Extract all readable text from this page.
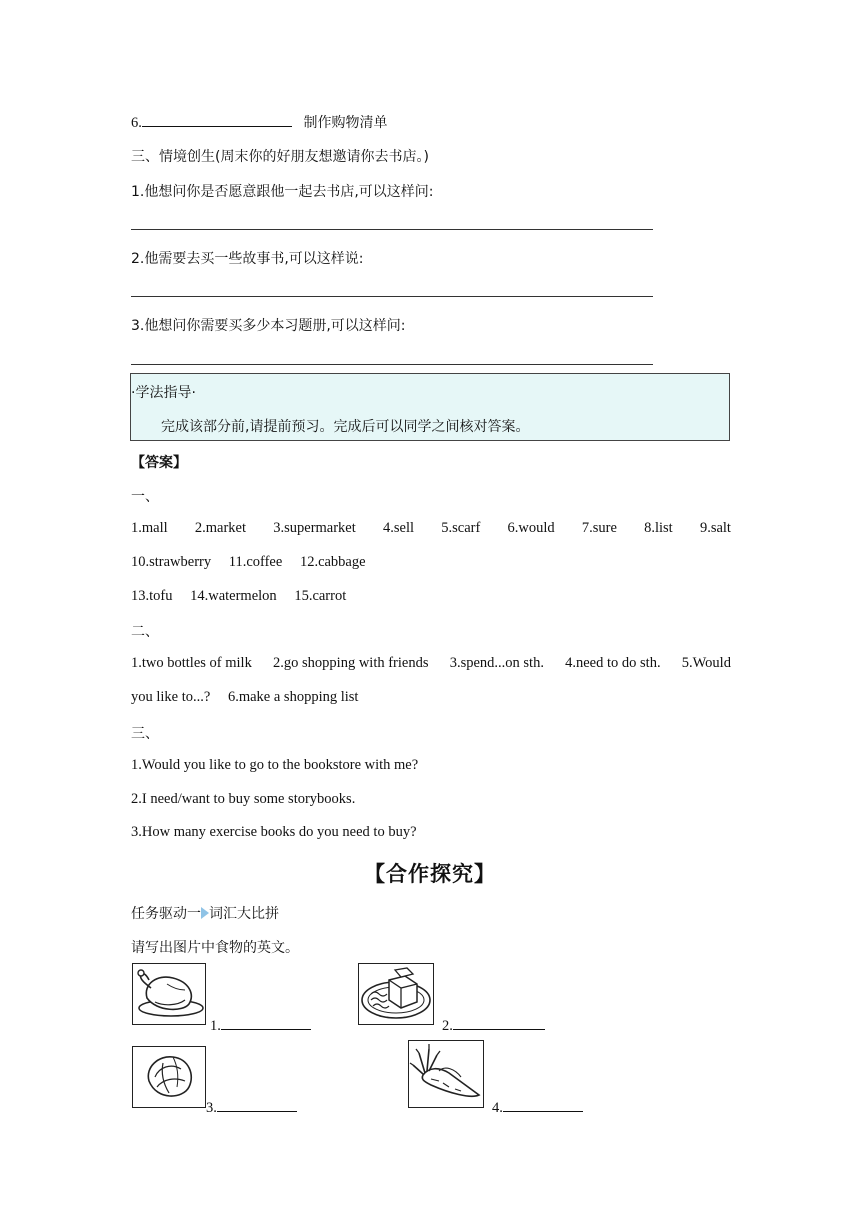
6.	制作购物清单
三、情境创生(周末你的好朋友想邀请你去书店。)
1.他想问你是否愿意跟他一起去书店,可以这样问:
2.他需要去买一些故事书,可以这样说:
3.他想问你需要买多少本习题册,可以这样问:
·学法指导·
完成该部分前,请提前预习。完成后可以同学之间核对答案。
【答案】
一、
1.mall 2.market 3.supermarket 4.sell 5.scarf 6.would 7.sure 8.list 9.salt
10.strawberry 11.coffee 12.cabbage
13.tofu 14.watermelon 15.carrot
二、
1.two bottles of milk 2.go shopping with friends 3.spend...on sth. 4.need to do sth. 5.Would
you like to...? 6.make a shopping list
三、
1.Would you like to go to the bookstore with me?
2.I need/want to buy some storybooks.
3.How many exercise books do you need to buy?
【合作探究】
任务驱动一 词汇大比拼
请写出图片中食物的英文。
1.	2.
3.	4.
